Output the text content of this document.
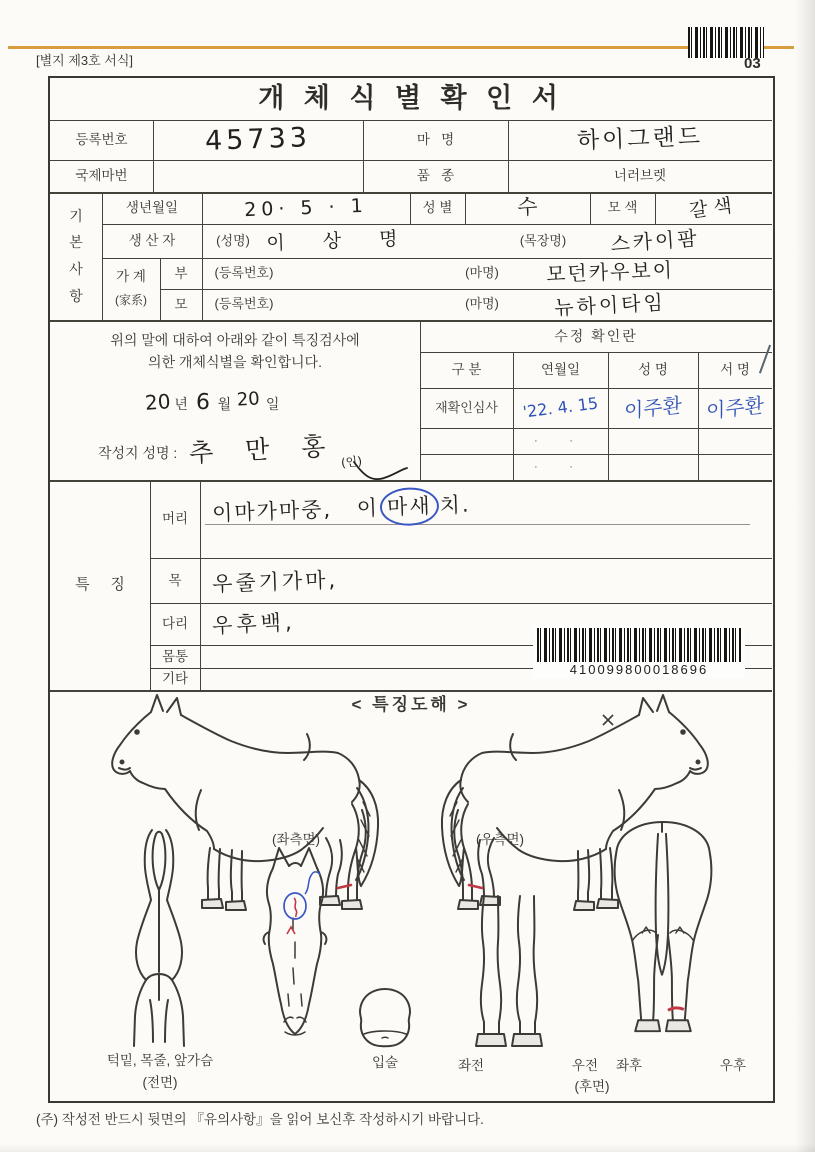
[별지 제3호 서식]	03
개 체 식 별 확 인 서
등록번호	45733	마   명	하이그랜드
국제마번	품   종	너러브렛
기
본
사
항
생년월일	20· 5 · 1	성 별	수	모 색	갈색
생 산 자	(성명) 이 상 명	(목장명)	스카이팜
가 계
(家系)
부	(등록번호)	(마명)	모던카우보이
모	(등록번호)	(마명)	뉴하이타임
위의 말에 대하여 아래와 같이 특징검사에
의한 개체식별을 확인합니다.
20 년 6 월 20 일
작성지 성명 : 추 만 홍 (인)
수정 확인란
구 분	연월일	성 명	서 명
재확인심사	'22. 4. 15	이주환	이주환
· ·
· ·
특     징
머리	이마가마중, 이 마새 치.
목	우줄기가마,
다리	우후백,
몸통
기타
410099800018696
< 특징도해 >
(좌측면)	(우측면)
턱밑, 목줄, 앞가슴
(전면)
입술	좌전	우전 좌후	우후
(후면)
(주) 작성전 반드시 뒷면의 『유의사항』을 읽어 보신후 작성하시기 바랍니다.
